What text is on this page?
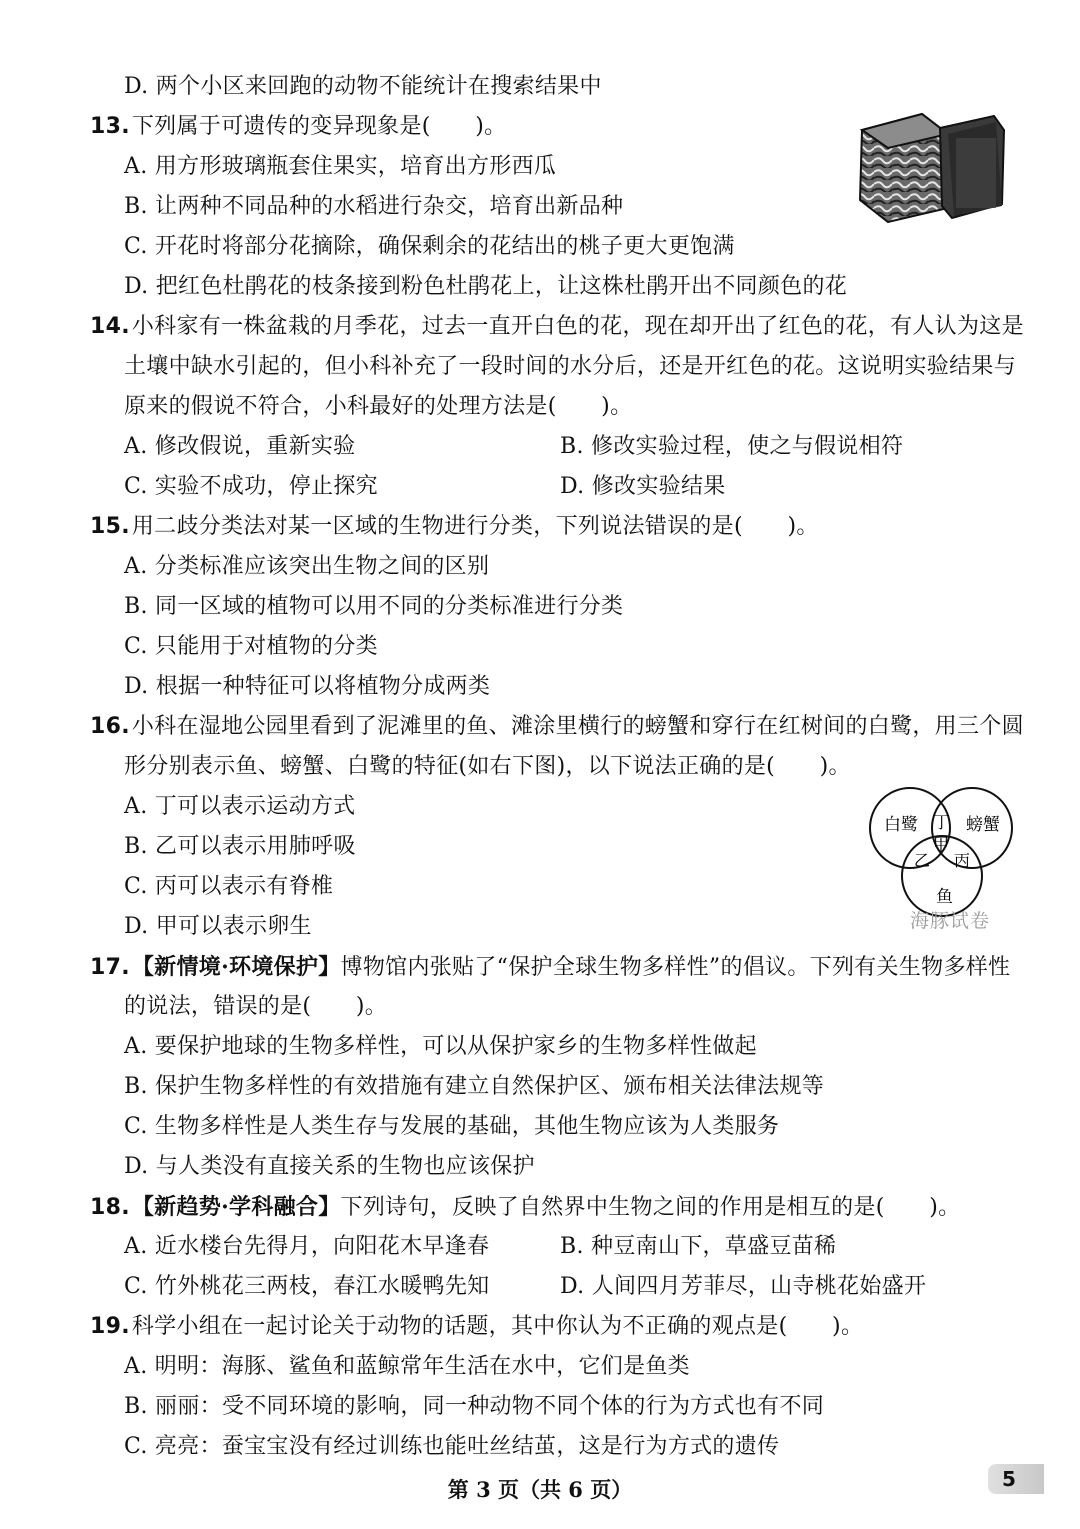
D. 两个小区来回跑的动物不能统计在搜索结果中
13.下列属于可遗传的变异现象是(　　)。
A. 用方形玻璃瓶套住果实，培育出方形西瓜
B. 让两种不同品种的水稻进行杂交，培育出新品种
C. 开花时将部分花摘除，确保剩余的花结出的桃子更大更饱满
D. 把红色杜鹃花的枝条接到粉色杜鹃花上，让这株杜鹃开出不同颜色的花
14.小科家有一株盆栽的月季花，过去一直开白色的花，现在却开出了红色的花，有人认为这是
土壤中缺水引起的，但小科补充了一段时间的水分后，还是开红色的花。这说明实验结果与
原来的假说不符合，小科最好的处理方法是(　　)。
A. 修改假说，重新实验	B. 修改实验过程，使之与假说相符
C. 实验不成功，停止探究	D. 修改实验结果
15.用二歧分类法对某一区域的生物进行分类，下列说法错误的是(　　)。
A. 分类标准应该突出生物之间的区别
B. 同一区域的植物可以用不同的分类标准进行分类
C. 只能用于对植物的分类
D. 根据一种特征可以将植物分成两类
16.小科在湿地公园里看到了泥滩里的鱼、滩涂里横行的螃蟹和穿行在红树间的白鹭，用三个圆
形分别表示鱼、螃蟹、白鹭的特征(如右下图)，以下说法正确的是(　　)。
A. 丁可以表示运动方式
B. 乙可以表示用肺呼吸
C. 丙可以表示有脊椎
D. 甲可以表示卵生
白鹭	螃蟹
鱼
丁
甲
乙 丙
海豚试卷
17.【新情境·环境保护】博物馆内张贴了“保护全球生物多样性”的倡议。下列有关生物多样性
的说法，错误的是(　　)。
A. 要保护地球的生物多样性，可以从保护家乡的生物多样性做起
B. 保护生物多样性的有效措施有建立自然保护区、颁布相关法律法规等
C. 生物多样性是人类生存与发展的基础，其他生物应该为人类服务
D. 与人类没有直接关系的生物也应该保护
18.【新趋势·学科融合】下列诗句，反映了自然界中生物之间的作用是相互的是(　　)。
A. 近水楼台先得月，向阳花木早逢春	B. 种豆南山下，草盛豆苗稀
C. 竹外桃花三两枝，春江水暖鸭先知	D. 人间四月芳菲尽，山寺桃花始盛开
19.科学小组在一起讨论关于动物的话题，其中你认为不正确的观点是(　　)。
A. 明明：海豚、鲨鱼和蓝鲸常年生活在水中，它们是鱼类
B. 丽丽：受不同环境的影响，同一种动物不同个体的行为方式也有不同
C. 亮亮：蚕宝宝没有经过训练也能吐丝结茧，这是行为方式的遗传
第 3 页（共 6 页）	5
